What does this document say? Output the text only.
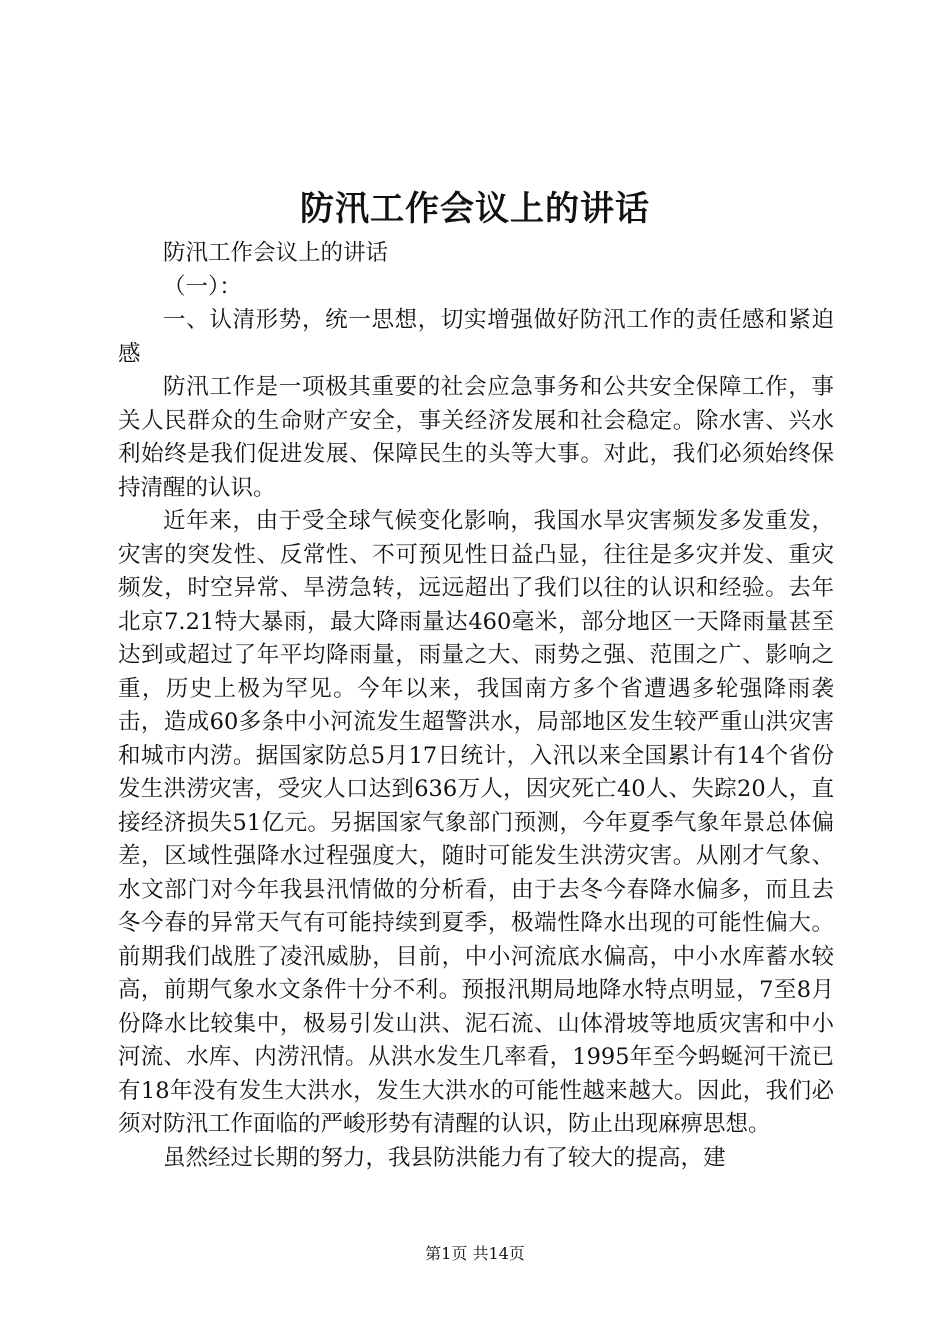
防汛工作会议上的讲话

防汛工作会议上的讲话

（一）：

一、认清形势，统一思想，切实增强做好防汛工作的责任感和紧迫感

防汛工作是一项极其重要的社会应急事务和公共安全保障工作，事关人民群众的生命财产安全，事关经济发展和社会稳定。除水害、兴水利始终是我们促进发展、保障民生的头等大事。对此，我们必须始终保持清醒的认识。

近年来，由于受全球气候变化影响，我国水旱灾害频发多发重发，灾害的突发性、反常性、不可预见性日益凸显，往往是多灾并发、重灾频发，时空异常、旱涝急转，远远超出了我们以往的认识和经验。去年北京7.21特大暴雨，最大降雨量达460毫米，部分地区一天降雨量甚至达到或超过了年平均降雨量，雨量之大、雨势之强、范围之广、影响之重，历史上极为罕见。今年以来，我国南方多个省遭遇多轮强降雨袭击，造成60多条中小河流发生超警洪水，局部地区发生较严重山洪灾害和城市内涝。据国家防总5月17日统计，入汛以来全国累计有14个省份发生洪涝灾害，受灾人口达到636万人，因灾死亡40人、失踪20人，直接经济损失51亿元。另据国家气象部门预测，今年夏季气象年景总体偏差，区域性强降水过程强度大，随时可能发生洪涝灾害。从刚才气象、水文部门对今年我县汛情做的分析看，由于去冬今春降水偏多，而且去冬今春的异常天气有可能持续到夏季，极端性降水出现的可能性偏大。前期我们战胜了凌汛威胁，目前，中小河流底水偏高，中小水库蓄水较高，前期气象水文条件十分不利。预报汛期局地降水特点明显，7至8月份降水比较集中，极易引发山洪、泥石流、山体滑坡等地质灾害和中小河流、水库、内涝汛情。从洪水发生几率看，1995年至今蚂蜒河干流已有18年没有发生大洪水，发生大洪水的可能性越来越大。因此，我们必须对防汛工作面临的严峻形势有清醒的认识，防止出现麻痹思想。

虽然经过长期的努力，我县防洪能力有了较大的提高，建

第1页 共14页
